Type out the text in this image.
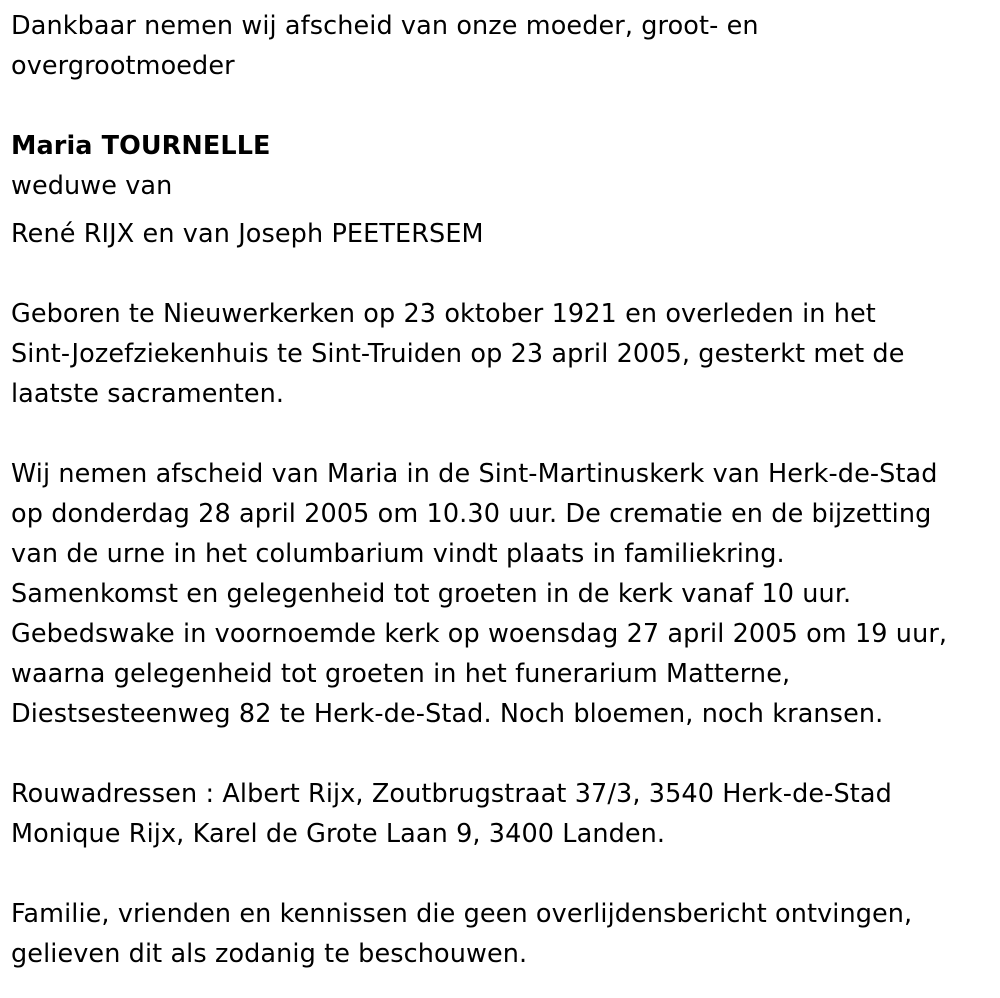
Dankbaar nemen wij afscheid van onze moeder, groot- en
overgrootmoeder

Maria TOURNELLE
weduwe van
René RIJX en van Joseph PEETERSEM

Geboren te Nieuwerkerken op 23 oktober 1921 en overleden in het
Sint-Jozefziekenhuis te Sint-Truiden op 23 april 2005, gesterkt met de
laatste sacramenten.

Wij nemen afscheid van Maria in de Sint-Martinuskerk van Herk-de-Stad
op donderdag 28 april 2005 om 10.30 uur. De crematie en de bijzetting
van de urne in het columbarium vindt plaats in familiekring.
Samenkomst en gelegenheid tot groeten in de kerk vanaf 10 uur.
Gebedswake in voornoemde kerk op woensdag 27 april 2005 om 19 uur,
waarna gelegenheid tot groeten in het funerarium Matterne,
Diestsesteenweg 82 te Herk-de-Stad. Noch bloemen, noch kransen.

Rouwadressen : Albert Rijx, Zoutbrugstraat 37/3, 3540 Herk-de-Stad
Monique Rijx, Karel de Grote Laan 9, 3400 Landen.

Familie, vrienden en kennissen die geen overlijdensbericht ontvingen,
gelieven dit als zodanig te beschouwen.
